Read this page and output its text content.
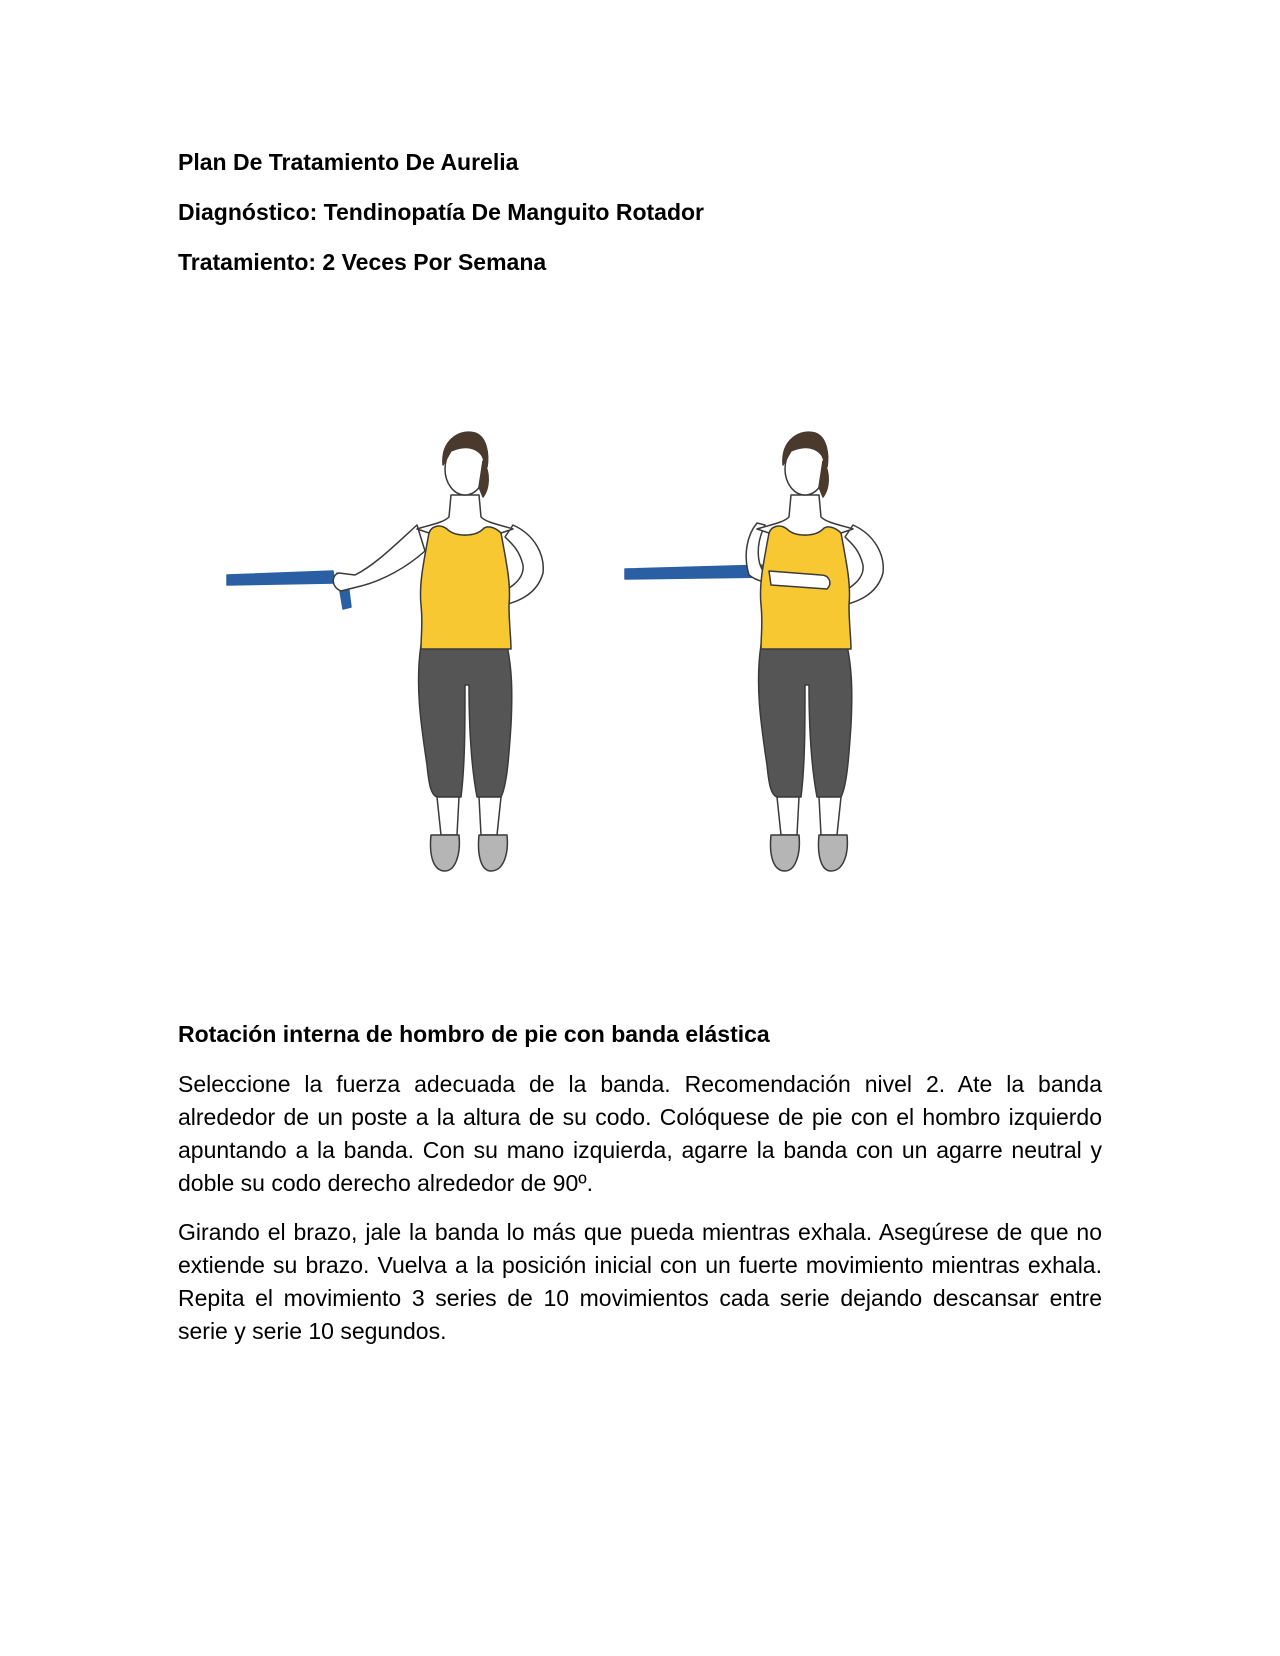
Plan De Tratamiento De Aurelia
Diagnóstico: Tendinopatía De Manguito Rotador
Tratamiento: 2 Veces Por Semana
Rotación interna de hombro de pie con banda elástica

Seleccione la fuerza adecuada de la banda. Recomendación nivel 2. Ate la banda alrededor de un poste a la altura de su codo. Colóquese de pie con el hombro izquierdo apuntando a la banda. Con su mano izquierda, agarre la banda con un agarre neutral y doble su codo derecho alrededor de 90º.

Girando el brazo, jale la banda lo más que pueda mientras exhala. Asegúrese de que no extiende su brazo. Vuelva a la posición inicial con un fuerte movimiento mientras exhala. Repita el movimiento 3 series de 10 movimientos cada serie dejando descansar entre serie y serie 10 segundos.
